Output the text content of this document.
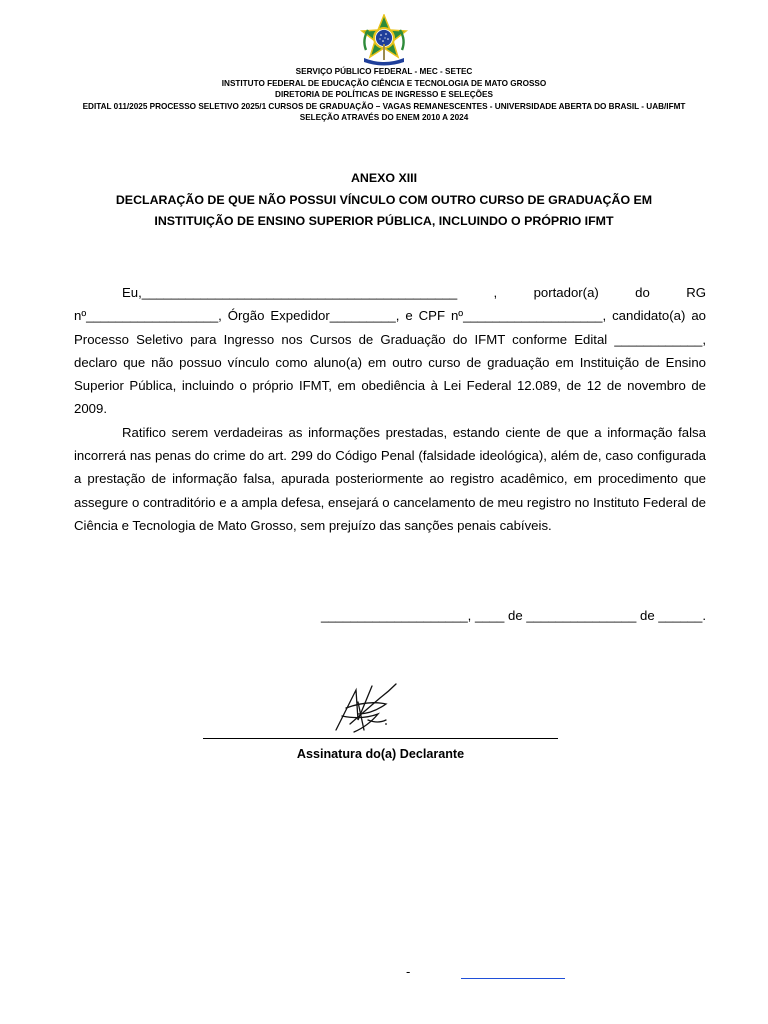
SERVIÇO PÚBLICO FEDERAL - MEC - SETEC
INSTITUTO FEDERAL DE EDUCAÇÃO CIÊNCIA E TECNOLOGIA DE MATO GROSSO
DIRETORIA DE POLÍTICAS DE INGRESSO E SELEÇÕES
EDITAL 011/2025 PROCESSO SELETIVO 2025/1 CURSOS DE GRADUAÇÃO – VAGAS REMANESCENTES - UNIVERSIDADE ABERTA DO BRASIL - UAB/IFMT
SELEÇÃO ATRAVÉS DO ENEM 2010 A 2024
ANEXO XIII
DECLARAÇÃO DE QUE NÃO POSSUI VÍNCULO COM OUTRO CURSO DE GRADUAÇÃO EM
INSTITUIÇÃO DE ENSINO SUPERIOR PÚBLICA, INCLUINDO O PRÓPRIO IFMT

Eu,___________________________________________ , portador(a) do RG nº__________________, Órgão Expedidor_________, e CPF nº___________________, candidato(a) ao Processo Seletivo para Ingresso nos Cursos de Graduação do IFMT conforme Edital ____________, declaro que não possuo vínculo como aluno(a) em outro curso de graduação em Instituição de Ensino Superior Pública, incluindo o próprio IFMT, em obediência à Lei Federal 12.089, de 12 de novembro de 2009.

Ratifico serem verdadeiras as informações prestadas, estando ciente de que a informação falsa incorrerá nas penas do crime do art. 299 do Código Penal (falsidade ideológica), além de, caso configurada a prestação de informação falsa, apurada posteriormente ao registro acadêmico, em procedimento que assegure o contraditório e a ampla defesa, ensejará o cancelamento de meu registro no Instituto Federal de Ciência e Tecnologia de Mato Grosso, sem prejuízo das sanções penais cabíveis.

____________________, ____ de _______________ de ______.
Assinatura do(a) Declarante
-
